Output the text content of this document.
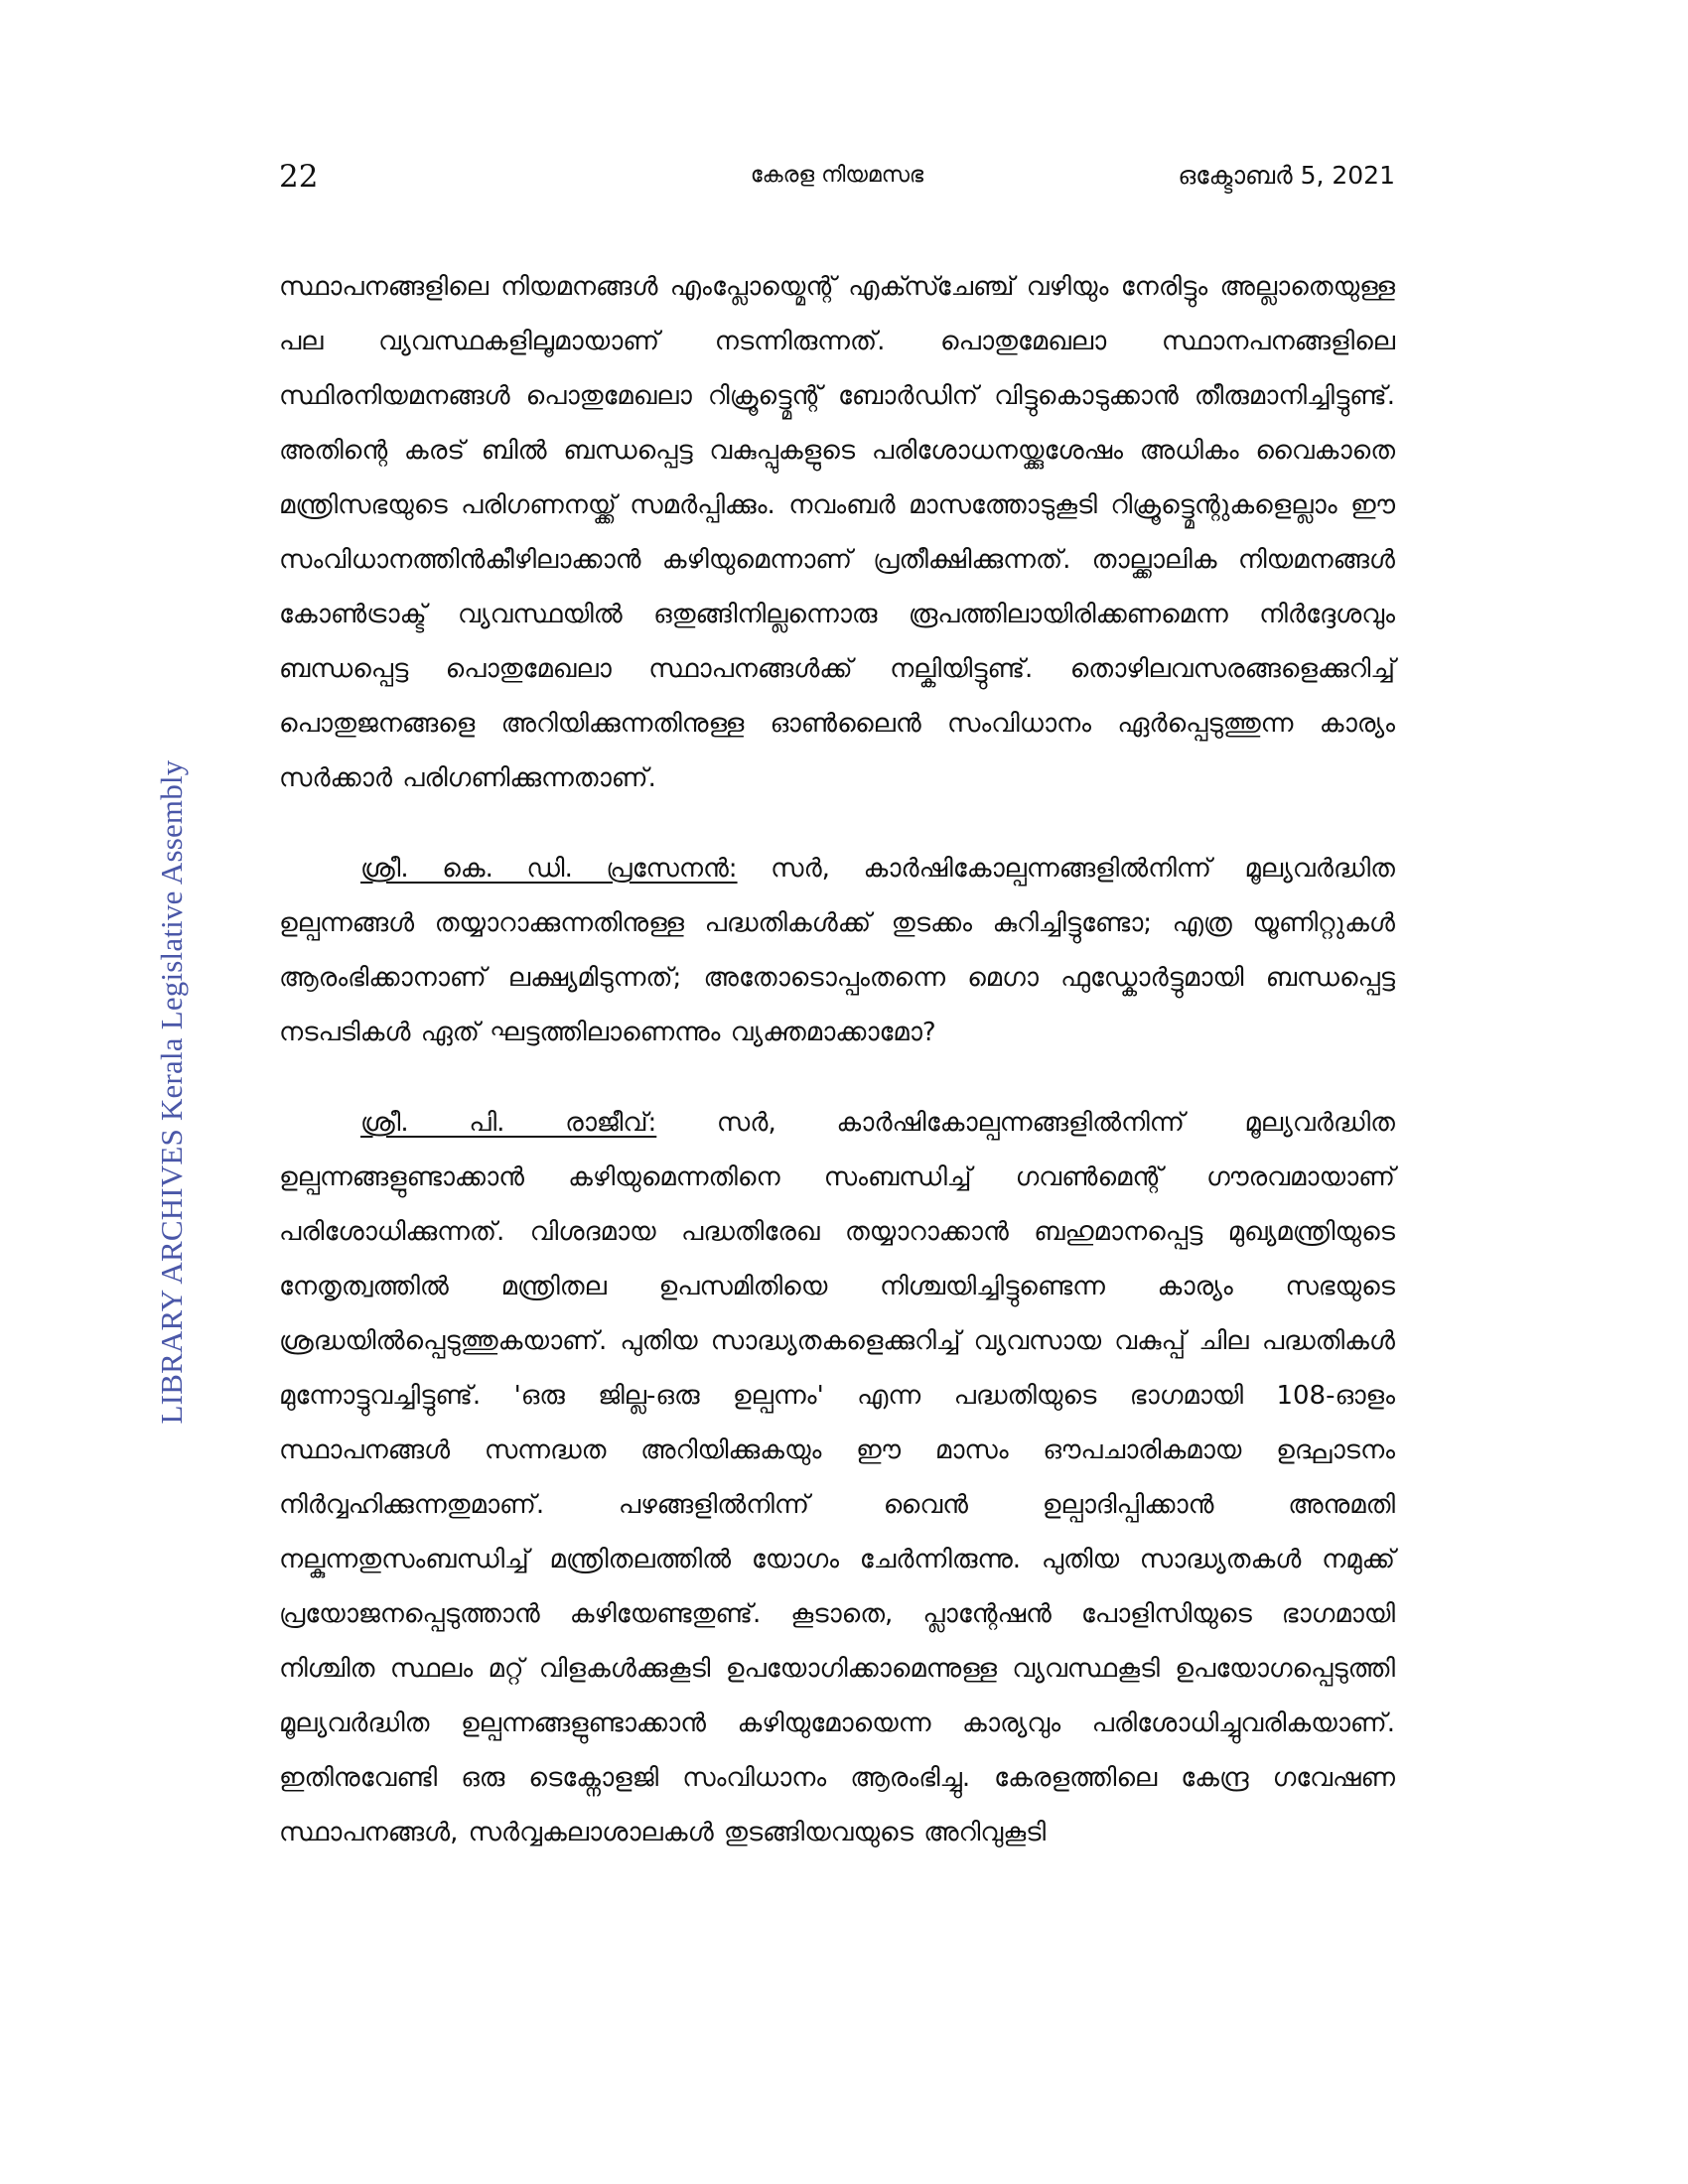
22	കേരള നിയമസഭ	ഒക്ടോബർ 5, 2021
LIBRARY ARCHIVES Kerala Legislative Assembly

സ്ഥാപനങ്ങളിലെ നിയമനങ്ങൾ എംപ്ലോയ്മെന്റ് എക്സ്ചേഞ്ച് വഴിയും നേരിട്ടും അല്ലാതെയുള്ള പല വ്യവസ്ഥകളിലൂമായാണ് നടന്നിരുന്നത്. പൊതുമേഖലാ സ്ഥാനപനങ്ങളിലെ സ്ഥിരനിയമനങ്ങൾ പൊതുമേഖലാ റിക്രൂട്ട്മെന്റ് ബോർഡിന് വിട്ടുകൊടുക്കാൻ തീരുമാനിച്ചിട്ടുണ്ട്. അതിന്റെ കരട് ബിൽ ബന്ധപ്പെട്ട വകുപ്പുകളുടെ പരിശോധനയ്ക്കുശേഷം അധികം വൈകാതെ മന്ത്രിസഭയുടെ പരിഗണനയ്ക്ക് സമർപ്പിക്കും. നവംബർ മാസത്തോടുകൂടി റിക്രൂട്ട്മെന്റുകളെല്ലാം ഈ സംവിധാനത്തിൻകീഴിലാക്കാൻ കഴിയുമെന്നാണ് പ്രതീക്ഷിക്കുന്നത്. താല്ക്കാലിക നിയമനങ്ങൾ കോൺട്രാക്ട് വ്യവസ്ഥയിൽ ഒതുങ്ങിനില്ലന്നൊരു രൂപത്തിലായിരിക്കണമെന്ന നിർദ്ദേശവും ബന്ധപ്പെട്ട പൊതുമേഖലാ സ്ഥാപനങ്ങൾക്ക് നല്കിയിട്ടുണ്ട്. തൊഴിലവസരങ്ങളെക്കുറിച്ച് പൊതുജനങ്ങളെ അറിയിക്കുന്നതിനുള്ള ഓൺലൈൻ സംവിധാനം ഏർപ്പെടുത്തുന്ന കാര്യം സർക്കാർ പരിഗണിക്കുന്നതാണ്.

ശ്രീ. കെ. ഡി. പ്രസേനൻ: സർ, കാർഷികോല്പന്നങ്ങളിൽനിന്ന് മൂല്യവർദ്ധിത ഉല്പന്നങ്ങൾ തയ്യാറാക്കുന്നതിനുള്ള പദ്ധതികൾക്ക് തുടക്കം കുറിച്ചിട്ടുണ്ടോ; എത്ര യൂണിറ്റുകൾ ആരംഭിക്കാനാണ് ലക്ഷ്യമിടുന്നത്; അതോടൊപ്പംതന്നെ മെഗാ ഫുഡ്കോർട്ടുമായി ബന്ധപ്പെട്ട നടപടികൾ ഏത് ഘട്ടത്തിലാണെന്നും വ്യക്തമാക്കാമോ?

ശ്രീ. പി. രാജീവ്: സർ, കാർഷികോല്പന്നങ്ങളിൽനിന്ന് മൂല്യവർദ്ധിത ഉല്പന്നങ്ങളുണ്ടാക്കാൻ കഴിയുമെന്നതിനെ സംബന്ധിച്ച് ഗവൺമെന്റ് ഗൗരവമായാണ് പരിശോധിക്കുന്നത്. വിശദമായ പദ്ധതിരേഖ തയ്യാറാക്കാൻ ബഹുമാനപ്പെട്ട മുഖ്യമന്ത്രിയുടെ നേതൃത്വത്തിൽ മന്ത്രിതല ഉപസമിതിയെ നിശ്ചയിച്ചിട്ടുണ്ടെന്ന കാര്യം സഭയുടെ ശ്രദ്ധയിൽപ്പെടുത്തുകയാണ്. പുതിയ സാദ്ധ്യതകളെക്കുറിച്ച് വ്യവസായ വകുപ്പ് ചില പദ്ധതികൾ മുന്നോട്ടുവച്ചിട്ടുണ്ട്. 'ഒരു ജില്ല-ഒരു ഉല്പന്നം' എന്ന പദ്ധതിയുടെ ഭാഗമായി 108-ഓളം സ്ഥാപനങ്ങൾ സന്നദ്ധത അറിയിക്കുകയും ഈ മാസം ഔപചാരികമായ ഉദ്ഘാടനം നിർവ്വഹിക്കുന്നതുമാണ്. പഴങ്ങളിൽനിന്ന് വൈൻ ഉല്പാദിപ്പിക്കാൻ അനുമതി നല്കുന്നതുസംബന്ധിച്ച് മന്ത്രിതലത്തിൽ യോഗം ചേർന്നിരുന്നു. പുതിയ സാദ്ധ്യതകൾ നമുക്ക് പ്രയോജനപ്പെടുത്താൻ കഴിയേണ്ടതുണ്ട്. കൂടാതെ, പ്ലാന്റേഷൻ പോളിസിയുടെ ഭാഗമായി നിശ്ചിത സ്ഥലം മറ്റ് വിളകൾക്കുകൂടി ഉപയോഗിക്കാമെന്നുള്ള വ്യവസ്ഥകൂടി ഉപയോഗപ്പെടുത്തി മൂല്യവർദ്ധിത ഉല്പന്നങ്ങളുണ്ടാക്കാൻ കഴിയുമോയെന്ന കാര്യവും പരിശോധിച്ചുവരികയാണ്. ഇതിനുവേണ്ടി ഒരു ടെക്നോളജി സംവിധാനം ആരംഭിച്ചു. കേരളത്തിലെ കേന്ദ്ര ഗവേഷണ സ്ഥാപനങ്ങൾ, സർവ്വകലാശാലകൾ തുടങ്ങിയവയുടെ അറിവുകൂടി
